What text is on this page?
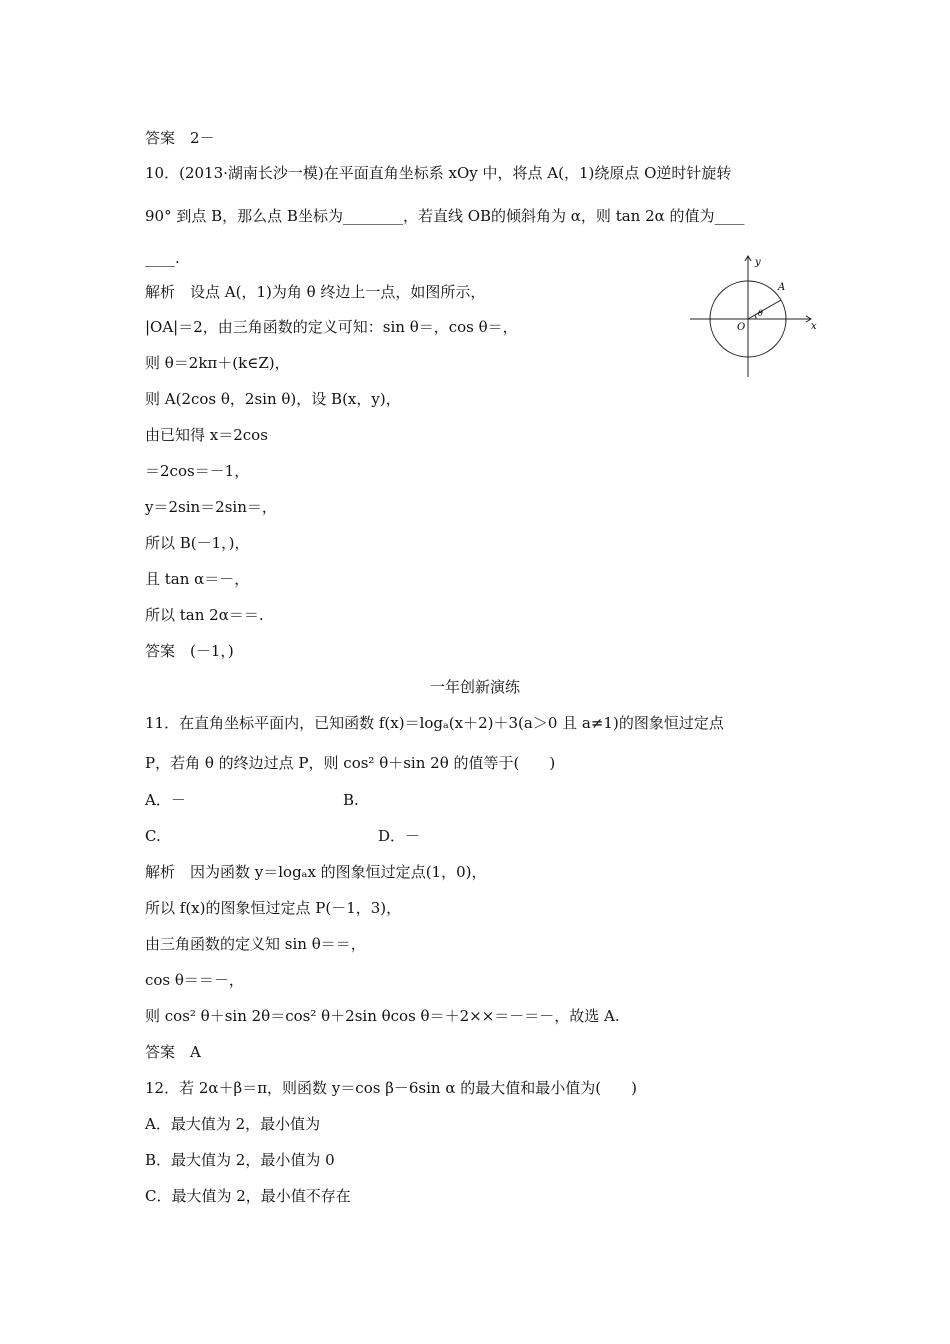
答案　2－
10．(2013·湖南长沙一模)在平面直角坐标系 xOy 中，将点 A(，1)绕原点 O逆时针旋转
90° 到点 B，那么点 B坐标为________，若直线 OB的倾斜角为 α，则 tan 2α 的值为____
____.
解析　设点 A(，1)为角 θ 终边上一点，如图所示，
|OA|＝2，由三角函数的定义可知：sin θ＝，cos θ＝，
则 θ＝2kπ＋(k∈Z)，
则 A(2cos θ，2sin θ)，设 B(x，y)，
由已知得 x＝2cos
＝2cos＝－1，
y＝2sin＝2sin＝，
所以 B(－1，)，
且 tan α＝－，
所以 tan 2α＝＝.
答案　(－1，)
一年创新演练
11．在直角坐标平面内，已知函数 f(x)＝logₐ(x＋2)＋3(a＞0 且 a≠1)的图象恒过定点
P，若角 θ 的终边过点 P，则 cos² θ＋sin 2θ 的值等于(　　)
A．－	B.
C.	D．－
解析　因为函数 y＝logₐx 的图象恒过定点(1，0)，
所以 f(x)的图象恒过定点 P(－1，3)，
由三角函数的定义知 sin θ＝＝，
cos θ＝＝－，
则 cos² θ＋sin 2θ＝cos² θ＋2sin θcos θ＝＋2××＝－＝－，故选 A.
答案　A
12．若 2α＋β＝π，则函数 y＝cos β－6sin α 的最大值和最小值为(　　)
A．最大值为 2，最小值为
B．最大值为 2，最小值为 0
C．最大值为 2，最小值不存在
y
x
A
O
θ
